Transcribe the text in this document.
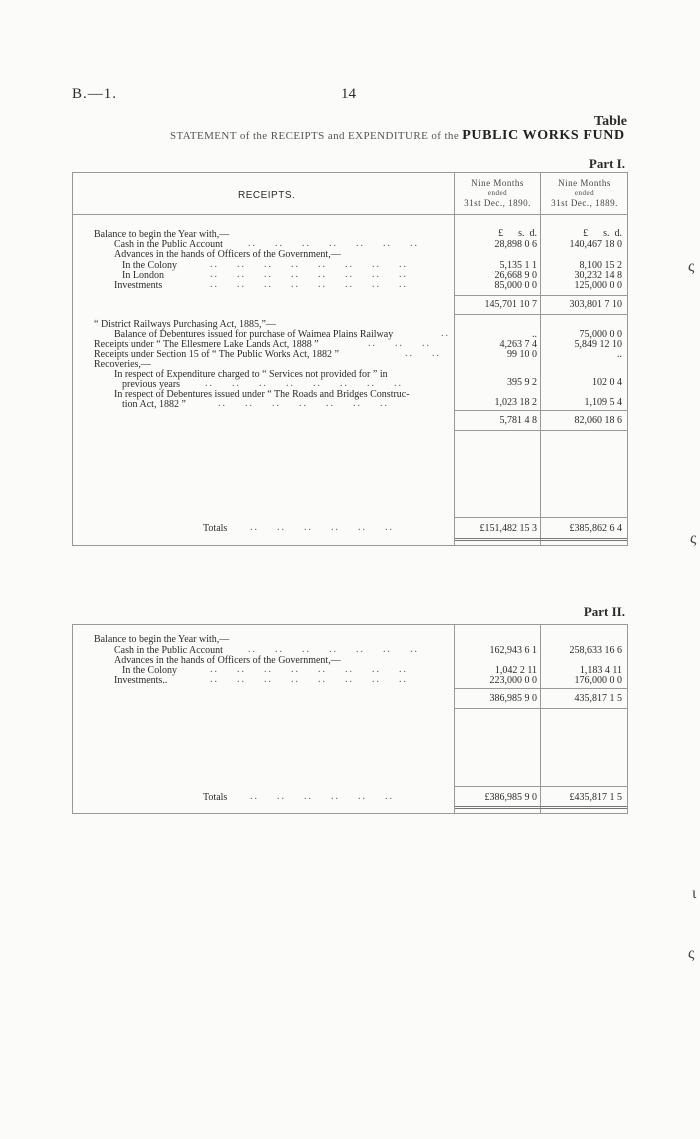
B.—1.	14
Table
STATEMENT of the RECEIPTS and EXPENDITURE of the PUBLIC WORKS FUND
Part I.
RECEIPTS.
Nine Months
ended
31st Dec., 1890.
Nine Months
ended
31st Dec., 1889.
£ s. d.	£ s. d.
Balance to begin the Year with,—
Cash in the Public Account	..    ..    ..    ..    ..    ..    ..	28,898 0 6	140,467 18 0
Advances in the hands of Officers of the Government,—
In the Colony	..    ..    ..    ..    ..    ..    ..    ..	5,135 1 1	8,100 15 2
In London	..    ..    ..    ..    ..    ..    ..    ..	26,668 9 0	30,232 14 8
Investments	..    ..    ..    ..    ..    ..    ..    ..	85,000 0 0	125,000 0 0
145,701 10 7	303,801 7 10
“ District Railways Purchasing Act, 1885,”—
Balance of Debentures issued for purchase of Waimea Plains Railway	..	..	75,000 0 0
Receipts under “ The Ellesmere Lake Lands Act, 1888 ”	..    ..    ..	4,263 7 4	5,849 12 10
Receipts under Section 15 of “ The Public Works Act, 1882 ”	..    ..	99 10 0	..
Recoveries,—
In respect of Expenditure charged to “ Services not provided for ” in
previous years ..    ..    ..    ..    ..    ..    ..    ..	395 9 2	102 0 4
In respect of Debentures issued under “ The Roads and Bridges Construc-
tion Act, 1882 ”	..    ..    ..    ..    ..    ..    ..	1,023 18 2	1,109 5 4
5,781 4 8	82,060 18 6
Totals ..    ..    ..    ..    ..    ..	£151,482 15 3	£385,862 6 4
Part II.
Balance to begin the Year with,—
Cash in the Public Account	..    ..    ..    ..    ..    ..    ..	162,943 6 1	258,633 16 6
Advances in the hands of Officers of the Government,—
In the Colony	..    ..    ..    ..    ..    ..    ..    ..	1,042 2 11	1,183 4 11
Investments..	..    ..    ..    ..    ..    ..    ..    ..	223,000 0 0	176,000 0 0
386,985 9 0	435,817 1 5
Totals ..    ..    ..    ..    ..    ..	£386,985 9 0	£435,817 1 5
ς
ς
ι
ς
